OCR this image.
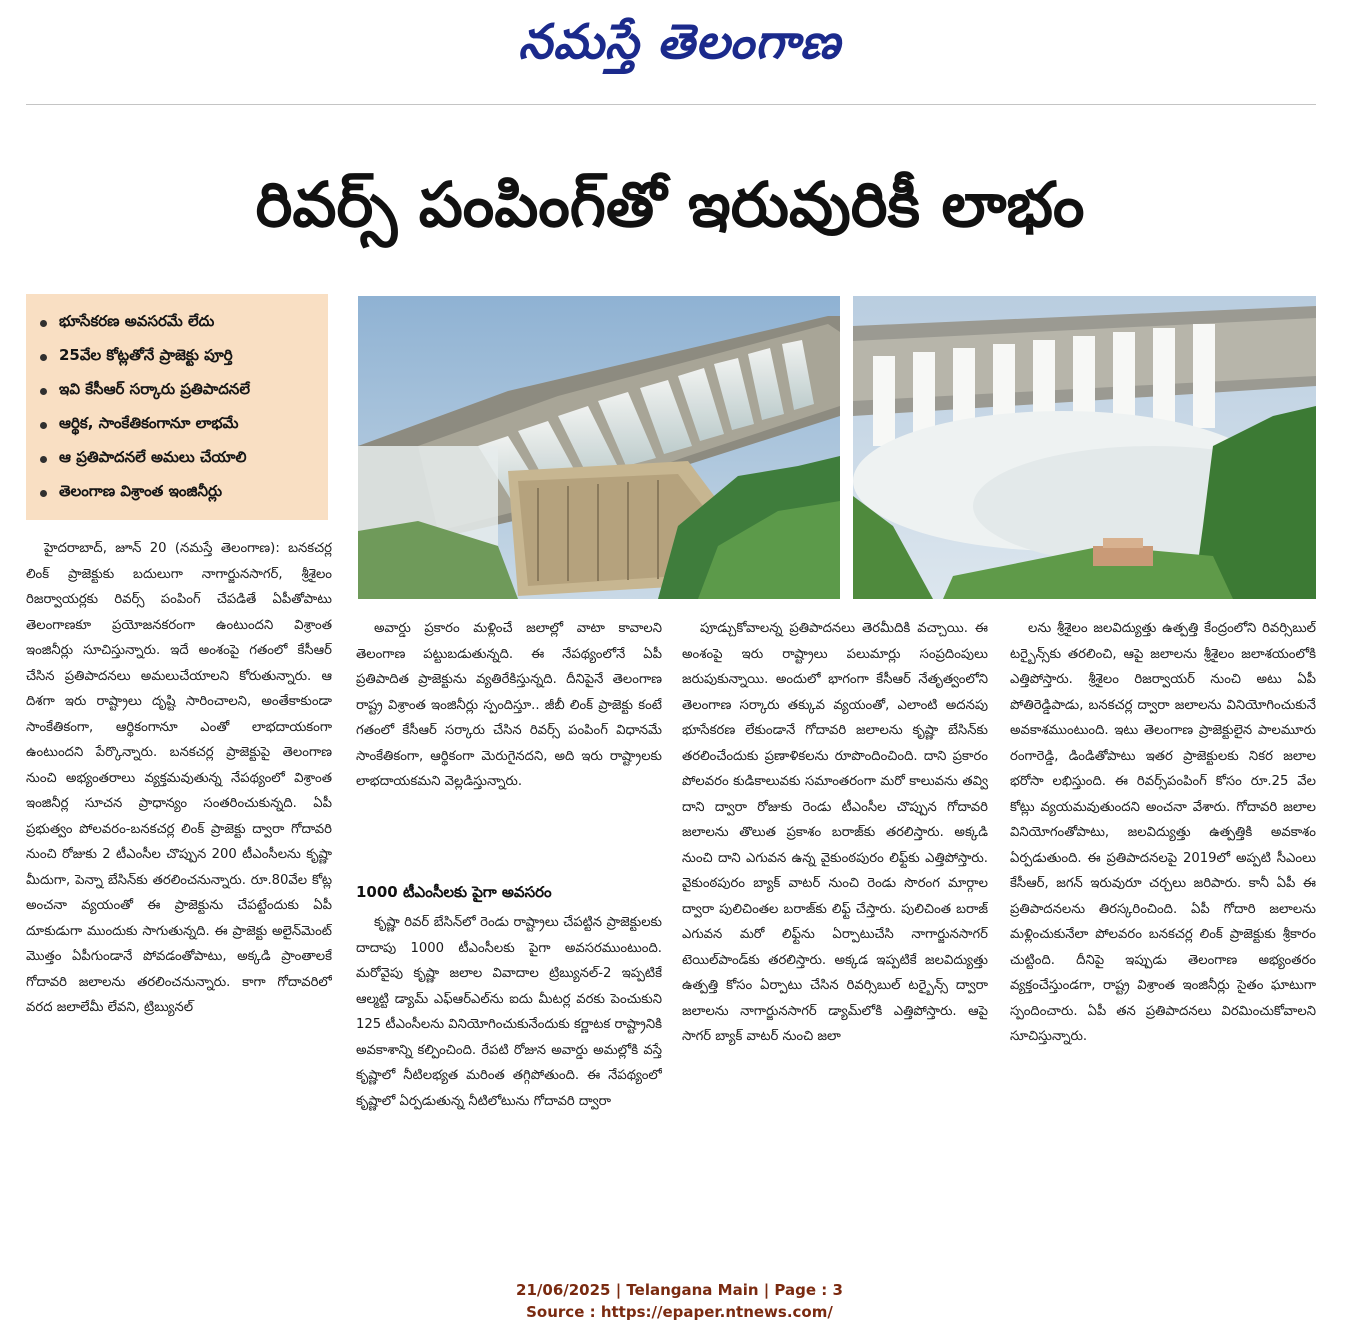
నమస్తే తెలంగాణ
రివర్స్ పంపింగ్‌తో ఇరువురికీ లాభం
భూసేకరణ అవసరమే లేదు
25వేల కోట్లతోనే ప్రాజెక్టు పూర్తి
ఇవి కేసీఆర్ సర్కారు ప్రతిపాదనలే
ఆర్థిక, సాంకేతికంగానూ లాభమే
ఆ ప్రతిపాదనలే అమలు చేయాలి
తెలంగాణ విశ్రాంత ఇంజినీర్లు

హైదరాబాద్, జూన్ 20 (నమస్తే తెలంగాణ): బనకచర్ల లింక్ ప్రాజెక్టుకు బదులుగా నాగార్జునసాగర్, శ్రీశైలం రిజర్వాయర్లకు రివర్స్ పంపింగ్ చేపడితే ఏపీతోపాటు తెలంగాణకూ ప్రయోజనకరంగా ఉంటుందని విశ్రాంత ఇంజినీర్లు సూచిస్తున్నారు. ఇదే అంశంపై గతంలో కేసీఆర్ చేసిన ప్రతిపాదనలు అమలుచేయాలని కోరుతున్నారు. ఆ దిశగా ఇరు రాష్ట్రాలు దృష్టి సారించాలని, అంతేకాకుండా సాంకేతికంగా, ఆర్థికంగానూ ఎంతో లాభదాయకంగా ఉంటుందని పేర్కొన్నారు. బనకచర్ల ప్రాజెక్టుపై తెలంగాణ నుంచి అభ్యంతరాలు వ్యక్తమవుతున్న నేపథ్యంలో విశ్రాంత ఇంజినీర్ల సూచన ప్రాధాన్యం సంతరించుకున్నది. ఏపీ ప్రభుత్వం పోలవరం-బనకచర్ల లింక్ ప్రాజెక్టు ద్వారా గోదావరి నుంచి రోజుకు 2 టీఎంసీల చొప్పున 200 టీఎంసీలను కృష్ణా మీదుగా, పెన్నా బేసిన్‌కు తరలించనున్నారు. రూ.80వేల కోట్ల అంచనా వ్యయంతో ఈ ప్రాజెక్టును చేపట్టేందుకు ఏపీ దూకుడుగా ముందుకు సాగుతున్నది. ఈ ప్రాజెక్టు అలైన్‌మెంట్ మొత్తం ఏపీగుండానే పోవడంతోపాటు, అక్కడి ప్రాంతాలకే గోదావరి జలాలను తరలించనున్నారు. కాగా గోదావరిలో వరద జలాలేమీ లేవని, ట్రిబ్యునల్

అవార్డు ప్రకారం మళ్లించే జలాల్లో వాటా కావాలని తెలంగాణ పట్టుబడుతున్నది. ఈ నేపథ్యంలోనే ఏపీ ప్రతిపాదిత ప్రాజెక్టును వ్యతిరేకిస్తున్నది. దీనిపైనే తెలంగాణ రాష్ట్ర విశ్రాంత ఇంజినీర్లు స్పందిస్తూ.. జీబీ లింక్ ప్రాజెక్టు కంటే గతంలో కేసీఆర్ సర్కారు చేసిన రివర్స్ పంపింగ్ విధానమే సాంకేతికంగా, ఆర్థికంగా మెరుగైనదని, అది ఇరు రాష్ట్రాలకు లాభదాయకమని వెల్లడిస్తున్నారు.

1000 టీఎంసీలకు పైగా అవసరం

కృష్ణా రివర్ బేసిన్‌లో రెండు రాష్ట్రాలు చేపట్టిన ప్రాజెక్టులకు దాదాపు 1000 టీఎంసీలకు పైగా అవసరముంటుంది. మరోవైపు కృష్ణా జలాల వివాదాల ట్రిబ్యునల్-2 ఇప్పటికే ఆల్మట్టి డ్యామ్ ఎఫ్‌ఆర్‌ఎల్‌ను ఐదు మీటర్ల వరకు పెంచుకుని 125 టీఎంసీలను వినియోగించుకునేందుకు కర్ణాటక రాష్ట్రానికి అవకాశాన్ని కల్పించింది. రేపటి రోజున అవార్డు అమల్లోకి వస్తే కృష్ణాలో నీటిలభ్యత మరింత తగ్గిపోతుంది. ఈ నేపథ్యంలో కృష్ణాలో ఏర్పడుతున్న నీటిలోటును గోదావరి ద్వారా

పూడ్చుకోవాలన్న ప్రతిపాదనలు తెరమీదికి వచ్చాయి. ఈ అంశంపై ఇరు రాష్ట్రాలు పలుమార్లు సంప్రదింపులు జరుపుకున్నాయి. అందులో భాగంగా కేసీఆర్ నేతృత్వంలోని తెలంగాణ సర్కారు తక్కువ వ్యయంతో, ఎలాంటి అదనపు భూసేకరణ లేకుండానే గోదావరి జలాలను కృష్ణా బేసిన్‌కు తరలించేందుకు ప్రణాళికలను రూపొందించింది. దాని ప్రకారం పోలవరం కుడికాలువకు సమాంతరంగా మరో కాలువను తవ్వి దాని ద్వారా రోజుకు రెండు టీఎంసీల చొప్పున గోదావరి జలాలను తొలుత ప్రకాశం బరాజ్‌కు తరలిస్తారు. అక్కడి నుంచి దాని ఎగువన ఉన్న వైకుంఠపురం లిఫ్ట్‌కు ఎత్తిపోస్తారు. వైకుంఠపురం బ్యాక్ వాటర్ నుంచి రెండు సొరంగ మార్గాల ద్వారా పులిచింతల బరాజ్‌కు లిఫ్ట్ చేస్తారు. పులిచింత బరాజ్ ఎగువన మరో లిఫ్ట్‌ను ఏర్పాటుచేసి నాగార్జునసాగర్ టెయిల్‌పాండ్‌కు తరలిస్తారు. అక్కడ ఇప్పటికే జలవిద్యుత్తు ఉత్పత్తి కోసం ఏర్పాటు చేసిన రివర్సిబుల్ టర్బైన్స్ ద్వారా జలాలను నాగార్జునసాగర్ డ్యామ్‌లోకి ఎత్తిపోస్తారు. ఆపై సాగర్ బ్యాక్ వాటర్ నుంచి జలా

లను శ్రీశైలం జలవిద్యుత్తు ఉత్పత్తి కేంద్రంలోని రివర్సిబుల్ టర్బైన్స్‌కు తరలించి, ఆపై జలాలను శ్రీశైలం జలాశయంలోకి ఎత్తిపోస్తారు. శ్రీశైలం రిజర్వాయర్ నుంచి అటు ఏపీ పోతిరెడ్డిపాడు, బనకచర్ల ద్వారా జలాలను వినియోగించుకునే అవకాశముంటుంది. ఇటు తెలంగాణ ప్రాజెక్టులైన పాలమూరు రంగారెడ్డి, డిండితోపాటు ఇతర ప్రాజెక్టులకు నికర జలాల భరోసా లభిస్తుంది. ఈ రివర్స్‌పంపింగ్ కోసం రూ.25 వేల కోట్లు వ్యయమవుతుందని అంచనా వేశారు. గోదావరి జలాల వినియోగంతోపాటు, జలవిద్యుత్తు ఉత్పత్తికి అవకాశం ఏర్పడుతుంది. ఈ ప్రతిపాదనలపై 2019లో అప్పటి సీఎంలు కేసీఆర్, జగన్ ఇరువురూ చర్చలు జరిపారు. కానీ ఏపీ ఈ ప్రతిపాదనలను తిరస్కరించింది. ఏపీ గోదారి జలాలను మళ్లించుకునేలా పోలవరం బనకచర్ల లింక్ ప్రాజెక్టుకు శ్రీకారం చుట్టింది. దీనిపై ఇప్పుడు తెలంగాణ అభ్యంతరం వ్యక్తంచేస్తుండగా, రాష్ట్ర విశ్రాంత ఇంజినీర్లు సైతం ఘాటుగా స్పందించారు. ఏపీ తన ప్రతిపాదనలు విరమించుకోవాలని సూచిస్తున్నారు.

21/06/2025 | Telangana Main | Page : 3
Source : https://epaper.ntnews.com/
